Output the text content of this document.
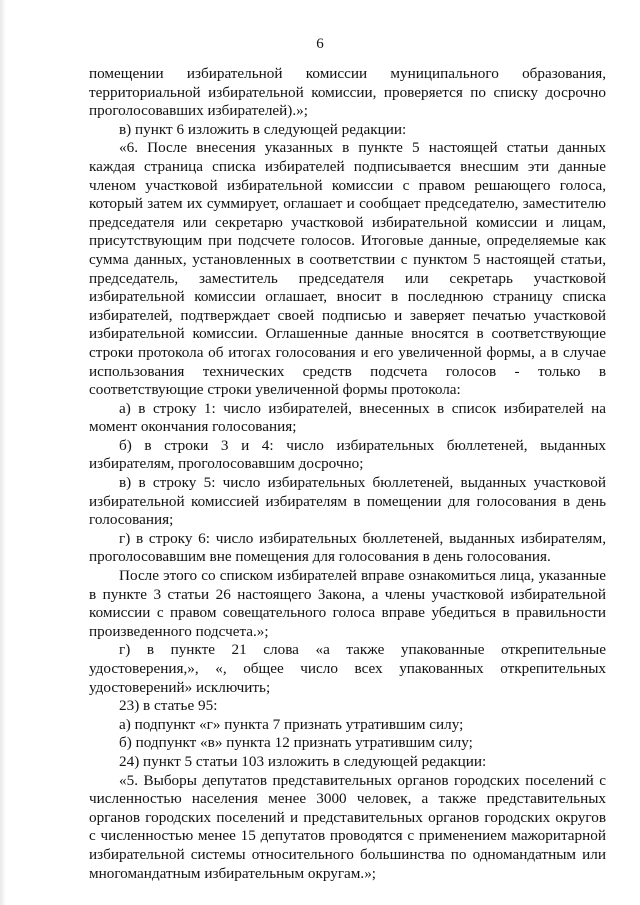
6

помещении избирательной комиссии муниципального образования, территориальной избирательной комиссии, проверяется по списку досрочно проголосовавших избирателей).»;

в) пункт 6 изложить в следующей редакции:

«6. После внесения указанных в пункте 5 настоящей статьи данных каждая страница списка избирателей подписывается внесшим эти данные членом участковой избирательной комиссии с правом решающего голоса, который затем их суммирует, оглашает и сообщает председателю, заместителю председателя или секретарю участковой избирательной комиссии и лицам, присутствующим при подсчете голосов. Итоговые данные, определяемые как сумма данных, установленных в соответствии с пунктом 5 настоящей статьи, председатель, заместитель председателя или секретарь участковой избирательной комиссии оглашает, вносит в последнюю страницу списка избирателей, подтверждает своей подписью и заверяет печатью участковой избирательной комиссии. Оглашенные данные вносятся в соответствующие строки протокола об итогах голосования и его увеличенной формы, а в случае использования технических средств подсчета голосов - только в соответствующие строки увеличенной формы протокола:

а) в строку 1: число избирателей, внесенных в список избирателей на момент окончания голосования;

б) в строки 3 и 4: число избирательных бюллетеней, выданных избирателям, проголосовавшим досрочно;

в) в строку 5: число избирательных бюллетеней, выданных участковой избирательной комиссией избирателям в помещении для голосования в день голосования;

г) в строку 6: число избирательных бюллетеней, выданных избирателям, проголосовавшим вне помещения для голосования в день голосования.

После этого со списком избирателей вправе ознакомиться лица, указанные в пункте 3 статьи 26 настоящего Закона, а члены участковой избирательной комиссии с правом совещательного голоса вправе убедиться в правильности произведенного подсчета.»;

г) в пункте 21 слова «а также упакованные открепительные удостоверения,», «, общее число всех упакованных открепительных удостоверений» исключить;

23) в статье 95:

а) подпункт «г» пункта 7 признать утратившим силу;

б) подпункт «в» пункта 12 признать утратившим силу;

24) пункт 5 статьи 103 изложить в следующей редакции:

«5. Выборы депутатов представительных органов городских поселений с численностью населения менее 3000 человек, а также представительных органов городских поселений и представительных органов городских округов с численностью менее 15 депутатов проводятся с применением мажоритарной избирательной системы относительного большинства по одномандатным или многомандатным избирательным округам.»;
